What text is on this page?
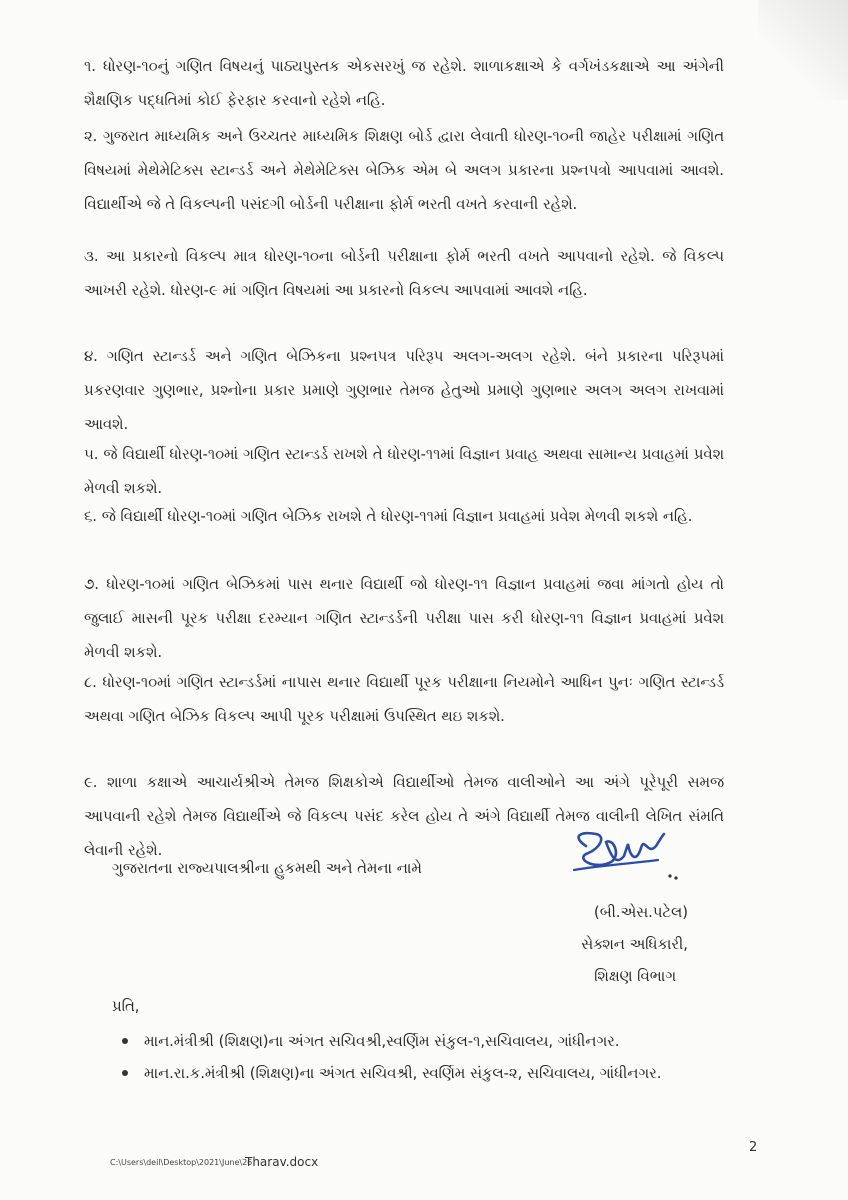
૧. ધોરણ-૧૦નું ગણિત વિષયનું પાઠ્યપુસ્તક એકસરખું જ રહેશે. શાળાકક્ષાએ કે વર્ગખંડકક્ષાએ આ અંગેની શૈક્ષણિક પદ્ધતિમાં કોઈ ફેરફાર કરવાનો રહેશે નહિ.

૨. ગુજરાત માધ્યમિક અને ઉચ્ચતર માધ્યમિક શિક્ષણ બોર્ડ દ્વારા લેવાતી ધોરણ-૧૦ની જાહેર પરીક્ષામાં ગણિત વિષયમાં મેથેમેટિક્સ સ્ટાન્ડર્ડ અને મેથેમેટિક્સ બેઝિક એમ બે અલગ પ્રકારના પ્રશ્નપત્રો આપવામાં આવશે. વિદ્યાર્થીએ જે તે વિકલ્પની પસંદગી બોર્ડની પરીક્ષાના ફોર્મ ભરતી વખતે કરવાની રહેશે.

૩. આ પ્રકારનો વિકલ્પ માત્ર ધોરણ-૧૦ના બોર્ડની પરીક્ષાના ફોર્મ ભરતી વખતે આપવાનો રહેશે. જે વિકલ્પ આખરી રહેશે. ધોરણ-૯ માં ગણિત વિષયમાં આ પ્રકારનો વિકલ્પ આપવામાં આવશે નહિ.

૪. ગણિત સ્ટાન્ડર્ડ અને ગણિત બેઝિકના પ્રશ્નપત્ર પરિરૂપ અલગ-અલગ રહેશે. બંને પ્રકારના પરિરૂપમાં પ્રકરણવાર ગુણભાર, પ્રશ્નોના પ્રકાર પ્રમાણે ગુણભાર તેમજ હેતુઓ પ્રમાણે ગુણભાર અલગ અલગ રાખવામાં આવશે.

૫. જે વિદ્યાર્થી ધોરણ-૧૦માં ગણિત સ્ટાન્ડર્ડ રાખશે તે ધોરણ-૧૧માં વિજ્ઞાન પ્રવાહ અથવા સામાન્ય પ્રવાહમાં પ્રવેશ મેળવી શકશે.

૬. જે વિદ્યાર્થી ધોરણ-૧૦માં ગણિત બેઝિક રાખશે તે ધોરણ-૧૧માં વિજ્ઞાન પ્રવાહમાં પ્રવેશ મેળવી શકશે નહિ.

૭. ધોરણ-૧૦માં ગણિત બેઝિકમાં પાસ થનાર વિદ્યાર્થી જો ધોરણ-૧૧ વિજ્ઞાન પ્રવાહમાં જવા માંગતો હોય તો જુલાઈ માસની પૂરક પરીક્ષા દરમ્યાન ગણિત સ્ટાન્ડર્ડની પરીક્ષા પાસ કરી ધોરણ-૧૧ વિજ્ઞાન પ્રવાહમાં પ્રવેશ મેળવી શકશે.

૮. ધોરણ-૧૦માં ગણિત સ્ટાન્ડર્ડમાં નાપાસ થનાર વિદ્યાર્થી પૂરક પરીક્ષાના નિયમોને આધિન પુનઃ ગણિત સ્ટાન્ડર્ડ અથવા ગણિત બેઝિક વિકલ્પ આપી પૂરક પરીક્ષામાં ઉપસ્થિત થઇ શકશે.

૯. શાળા કક્ષાએ આચાર્યશ્રીએ તેમજ શિક્ષકોએ વિદ્યાર્થીઓ તેમજ વાલીઓને આ અંગે પૂરેપૂરી સમજ આપવાની રહેશે તેમજ વિદ્યાર્થીએ જે વિકલ્પ પસંદ કરેલ હોય તે અંગે વિદ્યાર્થી તેમજ વાલીની લેખિત સંમતિ લેવાની રહેશે.

ગુજરાતના રાજ્યપાલશ્રીના હુકમથી અને તેમના નામે
(બી.એસ.પટેલ)
સેક્શન અધિકારી,
શિક્ષણ વિભાગ
પ્રતિ,
માન.મંત્રીશ્રી (શિક્ષણ)ના અંગત સચિવશ્રી,સ્વર્ણિમ સંકુલ-૧,સચિવાલય, ગાંધીનગર.
માન.રા.ક.મંત્રીશ્રી (શિક્ષણ)ના અંગત સચિવશ્રી, સ્વર્ણિમ સંકુલ-૨, સચિવાલય, ગાંધીનગર.
2
C:\Users\deil\Desktop\2021\June\26
Tharav.docx
